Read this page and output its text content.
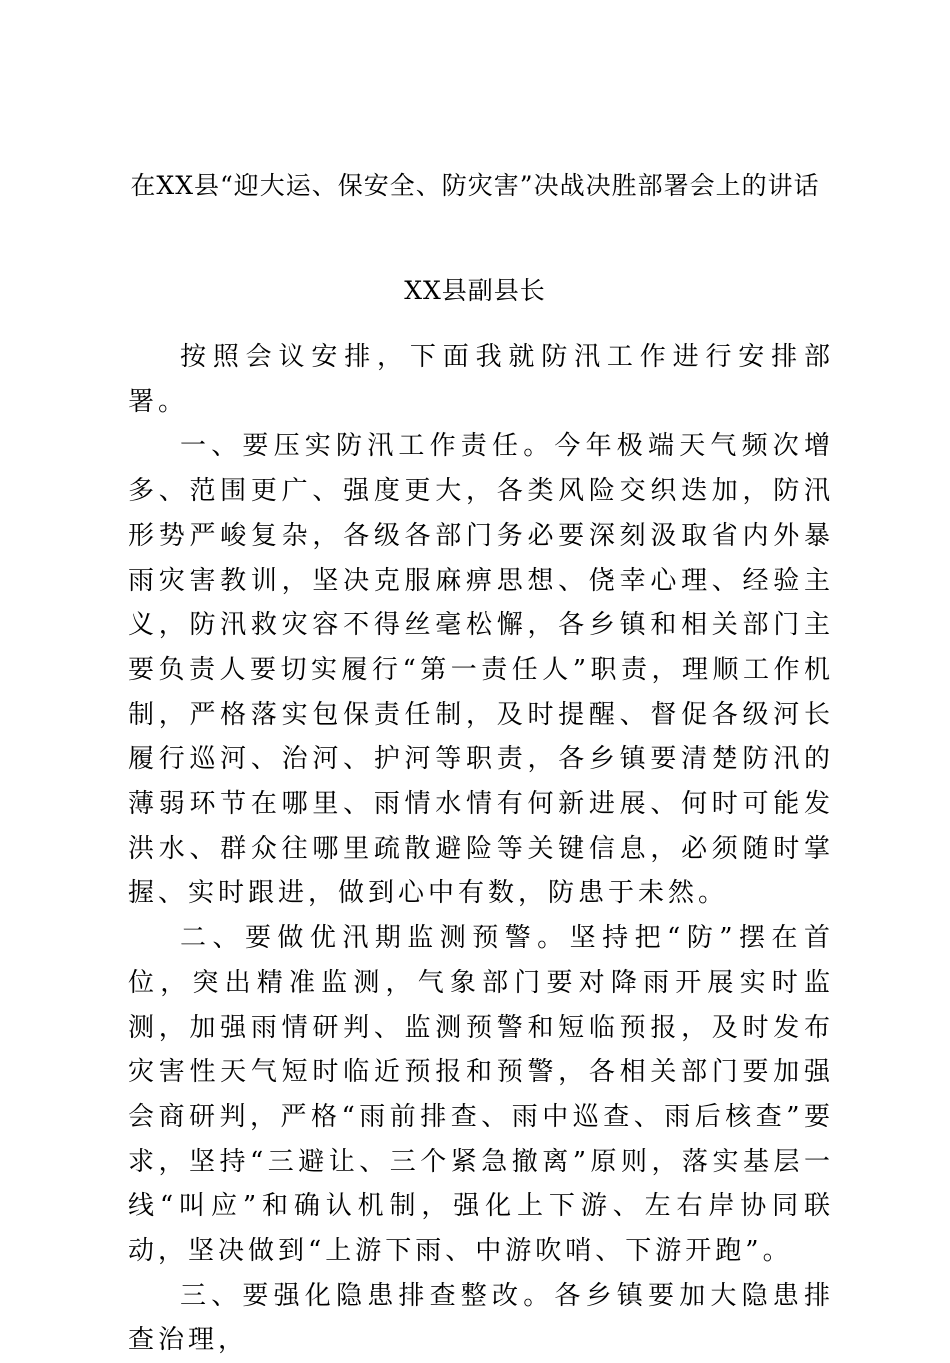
在XX县“迎大运、保安全、防灾害”决战决胜部署会上的讲话
XX县副县长

按照会议安排，下面我就防汛工作进行安排部署。

一、要压实防汛工作责任。今年极端天气频次增多、范围更广、强度更大，各类风险交织迭加，防汛形势严峻复杂，各级各部门务必要深刻汲取省内外暴雨灾害教训，坚决克服麻痹思想、侥幸心理、经验主义，防汛救灾容不得丝毫松懈，各乡镇和相关部门主要负责人要切实履行“第一责任人”职责，理顺工作机制，严格落实包保责任制，及时提醒、督促各级河长履行巡河、治河、护河等职责，各乡镇要清楚防汛的薄弱环节在哪里、雨情水情有何新进展、何时可能发洪水、群众往哪里疏散避险等关键信息，必须随时掌握、实时跟进，做到心中有数，防患于未然。

二、要做优汛期监测预警。坚持把“防”摆在首位，突出精准监测，气象部门要对降雨开展实时监测，加强雨情研判、监测预警和短临预报，及时发布灾害性天气短时临近预报和预警，各相关部门要加强会商研判，严格“雨前排查、雨中巡查、雨后核查”要求，坚持“三避让、三个紧急撤离”原则，落实基层一线“叫应”和确认机制，强化上下游、左右岸协同联动，坚决做到“上游下雨、中游吹哨、下游开跑”。

三、要强化隐患排查整改。各乡镇要加大隐患排查治理，
